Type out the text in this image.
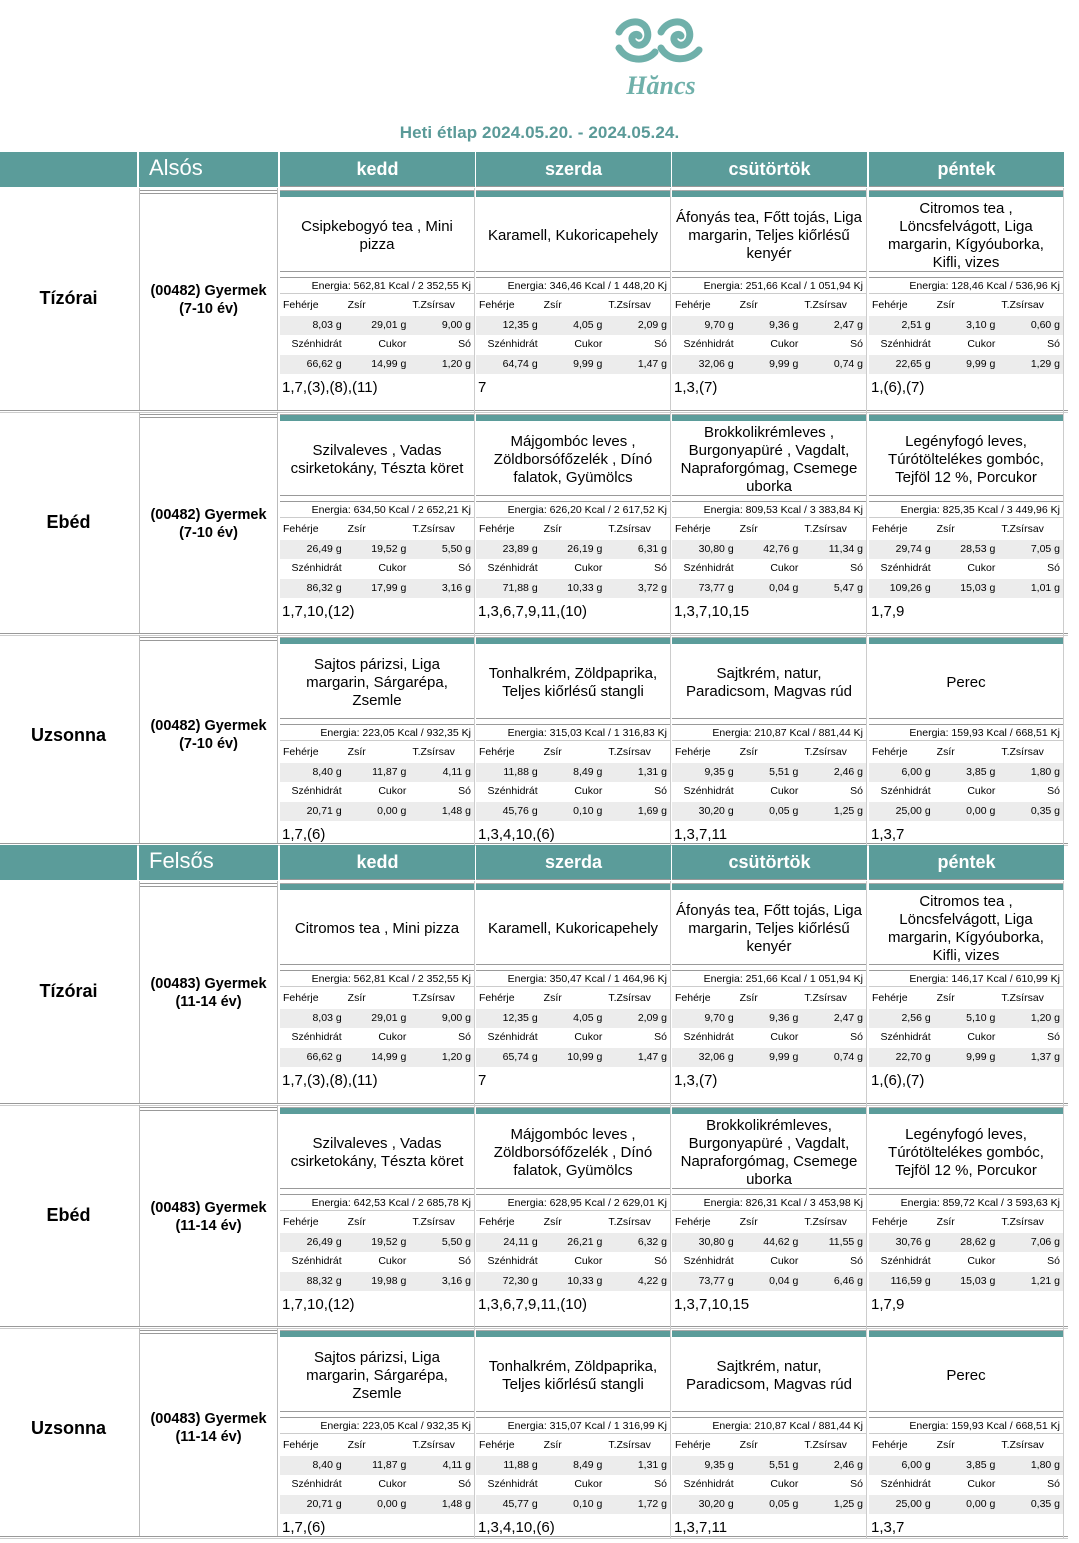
Hăncs
Heti étlap 2024.05.20. - 2024.05.24.
Alsós	kedd	szerda	csütörtök	péntek
Tízórai	(00482) Gyermek (7-10 év)
Csipkebogyó tea , Mini pizza
Energia: 562,81 Kcal / 2 352,55 Kj
Fehérje	Zsír	T.Zsírsav
8,03 g	29,01 g	9,00 g
Szénhidrát	Cukor	Só
66,62 g	14,99 g	1,20 g
1,7,(3),(8),(11)
Karamell, Kukoricapehely
Energia: 346,46 Kcal / 1 448,20 Kj
Fehérje	Zsír	T.Zsírsav
12,35 g	4,05 g	2,09 g
Szénhidrát	Cukor	Só
64,74 g	9,99 g	1,47 g
7
Áfonyás tea, Főtt tojás, Liga margarin, Teljes kiőrlésű kenyér
Energia: 251,66 Kcal / 1 051,94 Kj
Fehérje	Zsír	T.Zsírsav
9,70 g	9,36 g	2,47 g
Szénhidrát	Cukor	Só
32,06 g	9,99 g	0,74 g
1,3,(7)
Citromos tea , Löncsfelvágott, Liga margarin, Kígyóuborka, Kifli, vizes
Energia: 128,46 Kcal / 536,96 Kj
Fehérje	Zsír	T.Zsírsav
2,51 g	3,10 g	0,60 g
Szénhidrát	Cukor	Só
22,65 g	9,99 g	1,29 g
1,(6),(7)
Ebéd	(00482) Gyermek (7-10 év)
Szilvaleves , Vadas csirketokány, Tészta köret
Energia: 634,50 Kcal / 2 652,21 Kj
Fehérje	Zsír	T.Zsírsav
26,49 g	19,52 g	5,50 g
Szénhidrát	Cukor	Só
86,32 g	17,99 g	3,16 g
1,7,10,(12)
Májgombóc leves , Zöldborsófőzelék , Dínó falatok, Gyümölcs
Energia: 626,20 Kcal / 2 617,52 Kj
Fehérje	Zsír	T.Zsírsav
23,89 g	26,19 g	6,31 g
Szénhidrát	Cukor	Só
71,88 g	10,33 g	3,72 g
1,3,6,7,9,11,(10)
Brokkolikrémleves , Burgonyapüré , Vagdalt, Napraforgómag, Csemege uborka
Energia: 809,53 Kcal / 3 383,84 Kj
Fehérje	Zsír	T.Zsírsav
30,80 g	42,76 g	11,34 g
Szénhidrát	Cukor	Só
73,77 g	0,04 g	5,47 g
1,3,7,10,15
Legényfogó leves, Túrótöltelékes gombóc, Tejföl 12 %, Porcukor
Energia: 825,35 Kcal / 3 449,96 Kj
Fehérje	Zsír	T.Zsírsav
29,74 g	28,53 g	7,05 g
Szénhidrát	Cukor	Só
109,26 g	15,03 g	1,01 g
1,7,9
Uzsonna	(00482) Gyermek (7-10 év)
Sajtos párizsi, Liga margarin, Sárgarépa, Zsemle
Energia: 223,05 Kcal / 932,35 Kj
Fehérje	Zsír	T.Zsírsav
8,40 g	11,87 g	4,11 g
Szénhidrát	Cukor	Só
20,71 g	0,00 g	1,48 g
1,7,(6)
Tonhalkrém, Zöldpaprika, Teljes kiőrlésű stangli
Energia: 315,03 Kcal / 1 316,83 Kj
Fehérje	Zsír	T.Zsírsav
11,88 g	8,49 g	1,31 g
Szénhidrát	Cukor	Só
45,76 g	0,10 g	1,69 g
1,3,4,10,(6)
Sajtkrém, natur, Paradicsom, Magvas rúd
Energia: 210,87 Kcal / 881,44 Kj
Fehérje	Zsír	T.Zsírsav
9,35 g	5,51 g	2,46 g
Szénhidrát	Cukor	Só
30,20 g	0,05 g	1,25 g
1,3,7,11
Perec
Energia: 159,93 Kcal / 668,51 Kj
Fehérje	Zsír	T.Zsírsav
6,00 g	3,85 g	1,80 g
Szénhidrát	Cukor	Só
25,00 g	0,00 g	0,35 g
1,3,7
Felsős	kedd	szerda	csütörtök	péntek
Tízórai	(00483) Gyermek (11-14 év)
Citromos tea , Mini pizza
Energia: 562,81 Kcal / 2 352,55 Kj
Fehérje	Zsír	T.Zsírsav
8,03 g	29,01 g	9,00 g
Szénhidrát	Cukor	Só
66,62 g	14,99 g	1,20 g
1,7,(3),(8),(11)
Karamell, Kukoricapehely
Energia: 350,47 Kcal / 1 464,96 Kj
Fehérje	Zsír	T.Zsírsav
12,35 g	4,05 g	2,09 g
Szénhidrát	Cukor	Só
65,74 g	10,99 g	1,47 g
7
Áfonyás tea, Főtt tojás, Liga margarin, Teljes kiőrlésű kenyér
Energia: 251,66 Kcal / 1 051,94 Kj
Fehérje	Zsír	T.Zsírsav
9,70 g	9,36 g	2,47 g
Szénhidrát	Cukor	Só
32,06 g	9,99 g	0,74 g
1,3,(7)
Citromos tea , Löncsfelvágott, Liga margarin, Kígyóuborka, Kifli, vizes
Energia: 146,17 Kcal / 610,99 Kj
Fehérje	Zsír	T.Zsírsav
2,56 g	5,10 g	1,20 g
Szénhidrát	Cukor	Só
22,70 g	9,99 g	1,37 g
1,(6),(7)
Ebéd	(00483) Gyermek (11-14 év)
Szilvaleves , Vadas csirketokány, Tészta köret
Energia: 642,53 Kcal / 2 685,78 Kj
Fehérje	Zsír	T.Zsírsav
26,49 g	19,52 g	5,50 g
Szénhidrát	Cukor	Só
88,32 g	19,98 g	3,16 g
1,7,10,(12)
Májgombóc leves , Zöldborsófőzelék , Dínó falatok, Gyümölcs
Energia: 628,95 Kcal / 2 629,01 Kj
Fehérje	Zsír	T.Zsírsav
24,11 g	26,21 g	6,32 g
Szénhidrát	Cukor	Só
72,30 g	10,33 g	4,22 g
1,3,6,7,9,11,(10)
Brokkolikrémleves, Burgonyapüré , Vagdalt, Napraforgómag, Csemege uborka
Energia: 826,31 Kcal / 3 453,98 Kj
Fehérje	Zsír	T.Zsírsav
30,80 g	44,62 g	11,55 g
Szénhidrát	Cukor	Só
73,77 g	0,04 g	6,46 g
1,3,7,10,15
Legényfogó leves, Túrótöltelékes gombóc, Tejföl 12 %, Porcukor
Energia: 859,72 Kcal / 3 593,63 Kj
Fehérje	Zsír	T.Zsírsav
30,76 g	28,62 g	7,06 g
Szénhidrát	Cukor	Só
116,59 g	15,03 g	1,21 g
1,7,9
Uzsonna	(00483) Gyermek (11-14 év)
Sajtos párizsi, Liga margarin, Sárgarépa, Zsemle
Energia: 223,05 Kcal / 932,35 Kj
Fehérje	Zsír	T.Zsírsav
8,40 g	11,87 g	4,11 g
Szénhidrát	Cukor	Só
20,71 g	0,00 g	1,48 g
1,7,(6)
Tonhalkrém, Zöldpaprika, Teljes kiőrlésű stangli
Energia: 315,07 Kcal / 1 316,99 Kj
Fehérje	Zsír	T.Zsírsav
11,88 g	8,49 g	1,31 g
Szénhidrát	Cukor	Só
45,77 g	0,10 g	1,72 g
1,3,4,10,(6)
Sajtkrém, natur, Paradicsom, Magvas rúd
Energia: 210,87 Kcal / 881,44 Kj
Fehérje	Zsír	T.Zsírsav
9,35 g	5,51 g	2,46 g
Szénhidrát	Cukor	Só
30,20 g	0,05 g	1,25 g
1,3,7,11
Perec
Energia: 159,93 Kcal / 668,51 Kj
Fehérje	Zsír	T.Zsírsav
6,00 g	3,85 g	1,80 g
Szénhidrát	Cukor	Só
25,00 g	0,00 g	0,35 g
1,3,7
